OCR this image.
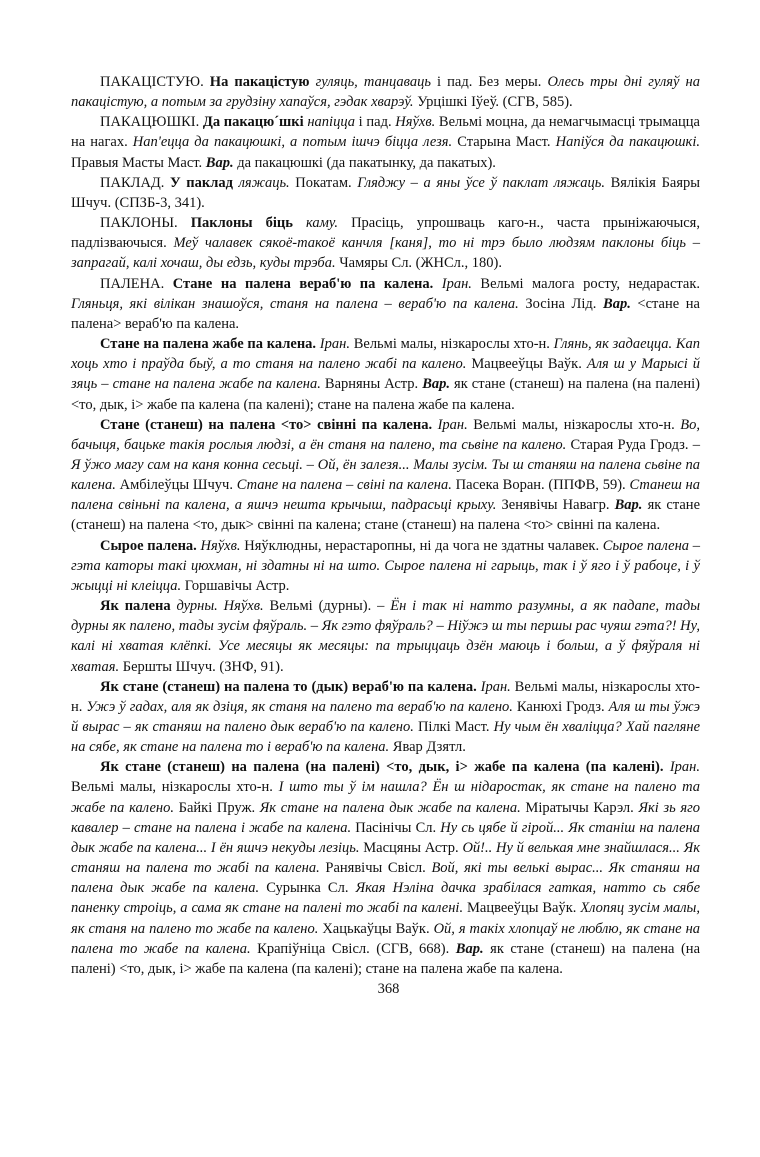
ПАКАЦІСТУЮ. На пакацістую гуляць, танцаваць і пад. Без меры. Олесь тры дні гуляў на пакацістую, а потым за грудзіну хапаўся, гэдак хварэў. Урцішкі Іўеў. (СГВ, 585).

ПАКАЦЮШКІ. Да пакацю´шкі напіцца і пад. Няўхв. Вельмі моцна, да немагчымасці трымацца на нагах. Нап'ецца да пакацюшкі, а потым ішчэ біцца лезя. Старына Маст. Напіўся да пакацюшкі. Правыя Масты Маст. Вар. да пакацюшкі (да пакатынку, да пакатых).

ПАКЛАД. У паклад ляжаць. Покатам. Гляджу – а яны ўсе ў паклат ляжаць. Вялікія Баяры Шчуч. (СПЗБ-3, 341).

ПАКЛОНЫ. Паклоны біць каму. Прасіць, упрошваць каго-н., часта прыніжаючыся, падлізваючыся. Меў чалавек сякоё-такоё канчля [каня], то ні трэ было людзям паклоны біць – запрагай, калі хочаш, ды едзь, куды трэба. Чамяры Сл. (ЖНСл., 180).

ПАЛЕНА. Стане на палена вераб'ю па калена. Іран. Вельмі малога росту, недарастак. Гляньця, які вілікан знашоўся, станя на палена – вераб'ю па калена. Зосіна Лід. Вар. <стане на палена> вераб'ю па калена.

Стане на палена жабе па калена. Іран. Вельмі малы, нізкарослы хто-н. Глянь, як задаецца. Кап хоць хто і праўда быў, а то станя на палено жабі па калено. Мацвееўцы Ваўк. Аля ш у Марысі й зяць – стане на палена жабе па калена. Варняны Астр. Вар. як стане (станеш) на палена (на палені) <то, дык, і> жабе па калена (па калені); стане на палена жабе па калена.

Стане (станеш) на палена <то> свінні па калена. Іран. Вельмі малы, нізкарослы хто-н. Во, бачыця, бацьке такія рослыя людзі, а ён станя на палено, та сьвіне па калено. Старая Руда Гродз. – Я ўжо магу сам на каня конна сесьці. – Ой, ён залезя... Малы зусім. Ты ш станяш на палена сьвіне па калена. Амбілеўцы Шчуч. Стане на палена – свіні па калена. Пасека Воран. (ППФВ, 59). Станеш на палена свіньні па калена, а яшчэ нешта крычыш, падрасьці крыху. Зенявічы Навагр. Вар. як стане (станеш) на палена <то, дык> свінні па калена; стане (станеш) на палена <то> свінні па калена.

Сырое палена. Няўхв. Няўклюдны, нерастаропны, ні да чога не здатны чалавек. Сырое палена – гэта каторы такі цюхман, ні здатны ні на што. Сырое палена ні гарыць, так і ў яго і ў рабоце, і ў жыцці ні клеіцца. Горшавічы Астр.

Як палена дурны. Няўхв. Вельмі (дурны). – Ён і так ні натто разумны, а як падапе, тады дурны як палено, тады зусім фяўраль. – Як гэто фяўраль? – Ніўжэ ш ты першы рас чуяш гэта?! Ну, калі ні хватая клёпкі. Усе месяцы як месяцы: па трыццаць дзён маюць і больш, а ў фяўраля ні хватая. Бершты Шчуч. (ЗНФ, 91).

Як стане (станеш) на палена то (дык) вераб'ю па калена. Іран. Вельмі малы, нізкарослы хто-н. Ужэ ў гадах, аля як дзіця, як станя на палено та вераб'ю па калено. Канюхі Гродз. Аля ш ты ўжэ й вырас – як станяш на палено дык вераб'ю па калено. Пілкі Маст. Ну чым ён хваліцца? Хай пагляне на сябе, як стане на палена то і вераб'ю па калена. Явар Дзятл.

Як стане (станеш) на палена (на палені) <то, дык, і> жабе па калена (па калені). Іран. Вельмі малы, нізкарослы хто-н. І што ты ў ім нашла? Ён ш нідаростак, як стане на палено та жабе па калено. Байкі Пруж. Як стане на палена дык жабе па калена. Міратычы Карэл. Які зь яго кавалер – стане на палена і жабе па калена. Пасінічы Сл. Ну сь цябе й гірой... Як станіш на палена дык жабе па калена... І ён яшчэ некуды лезіць. Масцяны Астр. Ой!.. Ну й велькая мне знайшлася... Як станяш на палена то жабі па калена. Ранявічы Свісл. Вой, які ты велькі вырас... Як станяш на палена дык жабе па калена. Сурынка Сл. Якая Нэліна дачка зрабілася гаткая, натто сь сябе паненку строіць, а сама як стане на палені то жабі па калені. Мацвееўцы Ваўк. Хлопяц зусім малы, як станя на палено то жабе па калено. Хацькаўцы Ваўк. Ой, я такіх хлопцаў не люблю, як стане на палена то жабе па калена. Крапіўніца Свісл. (СГВ, 668). Вар. як стане (станеш) на палена (на палені) <то, дык, і> жабе па калена (па калені); стане на палена жабе па калена.

368
